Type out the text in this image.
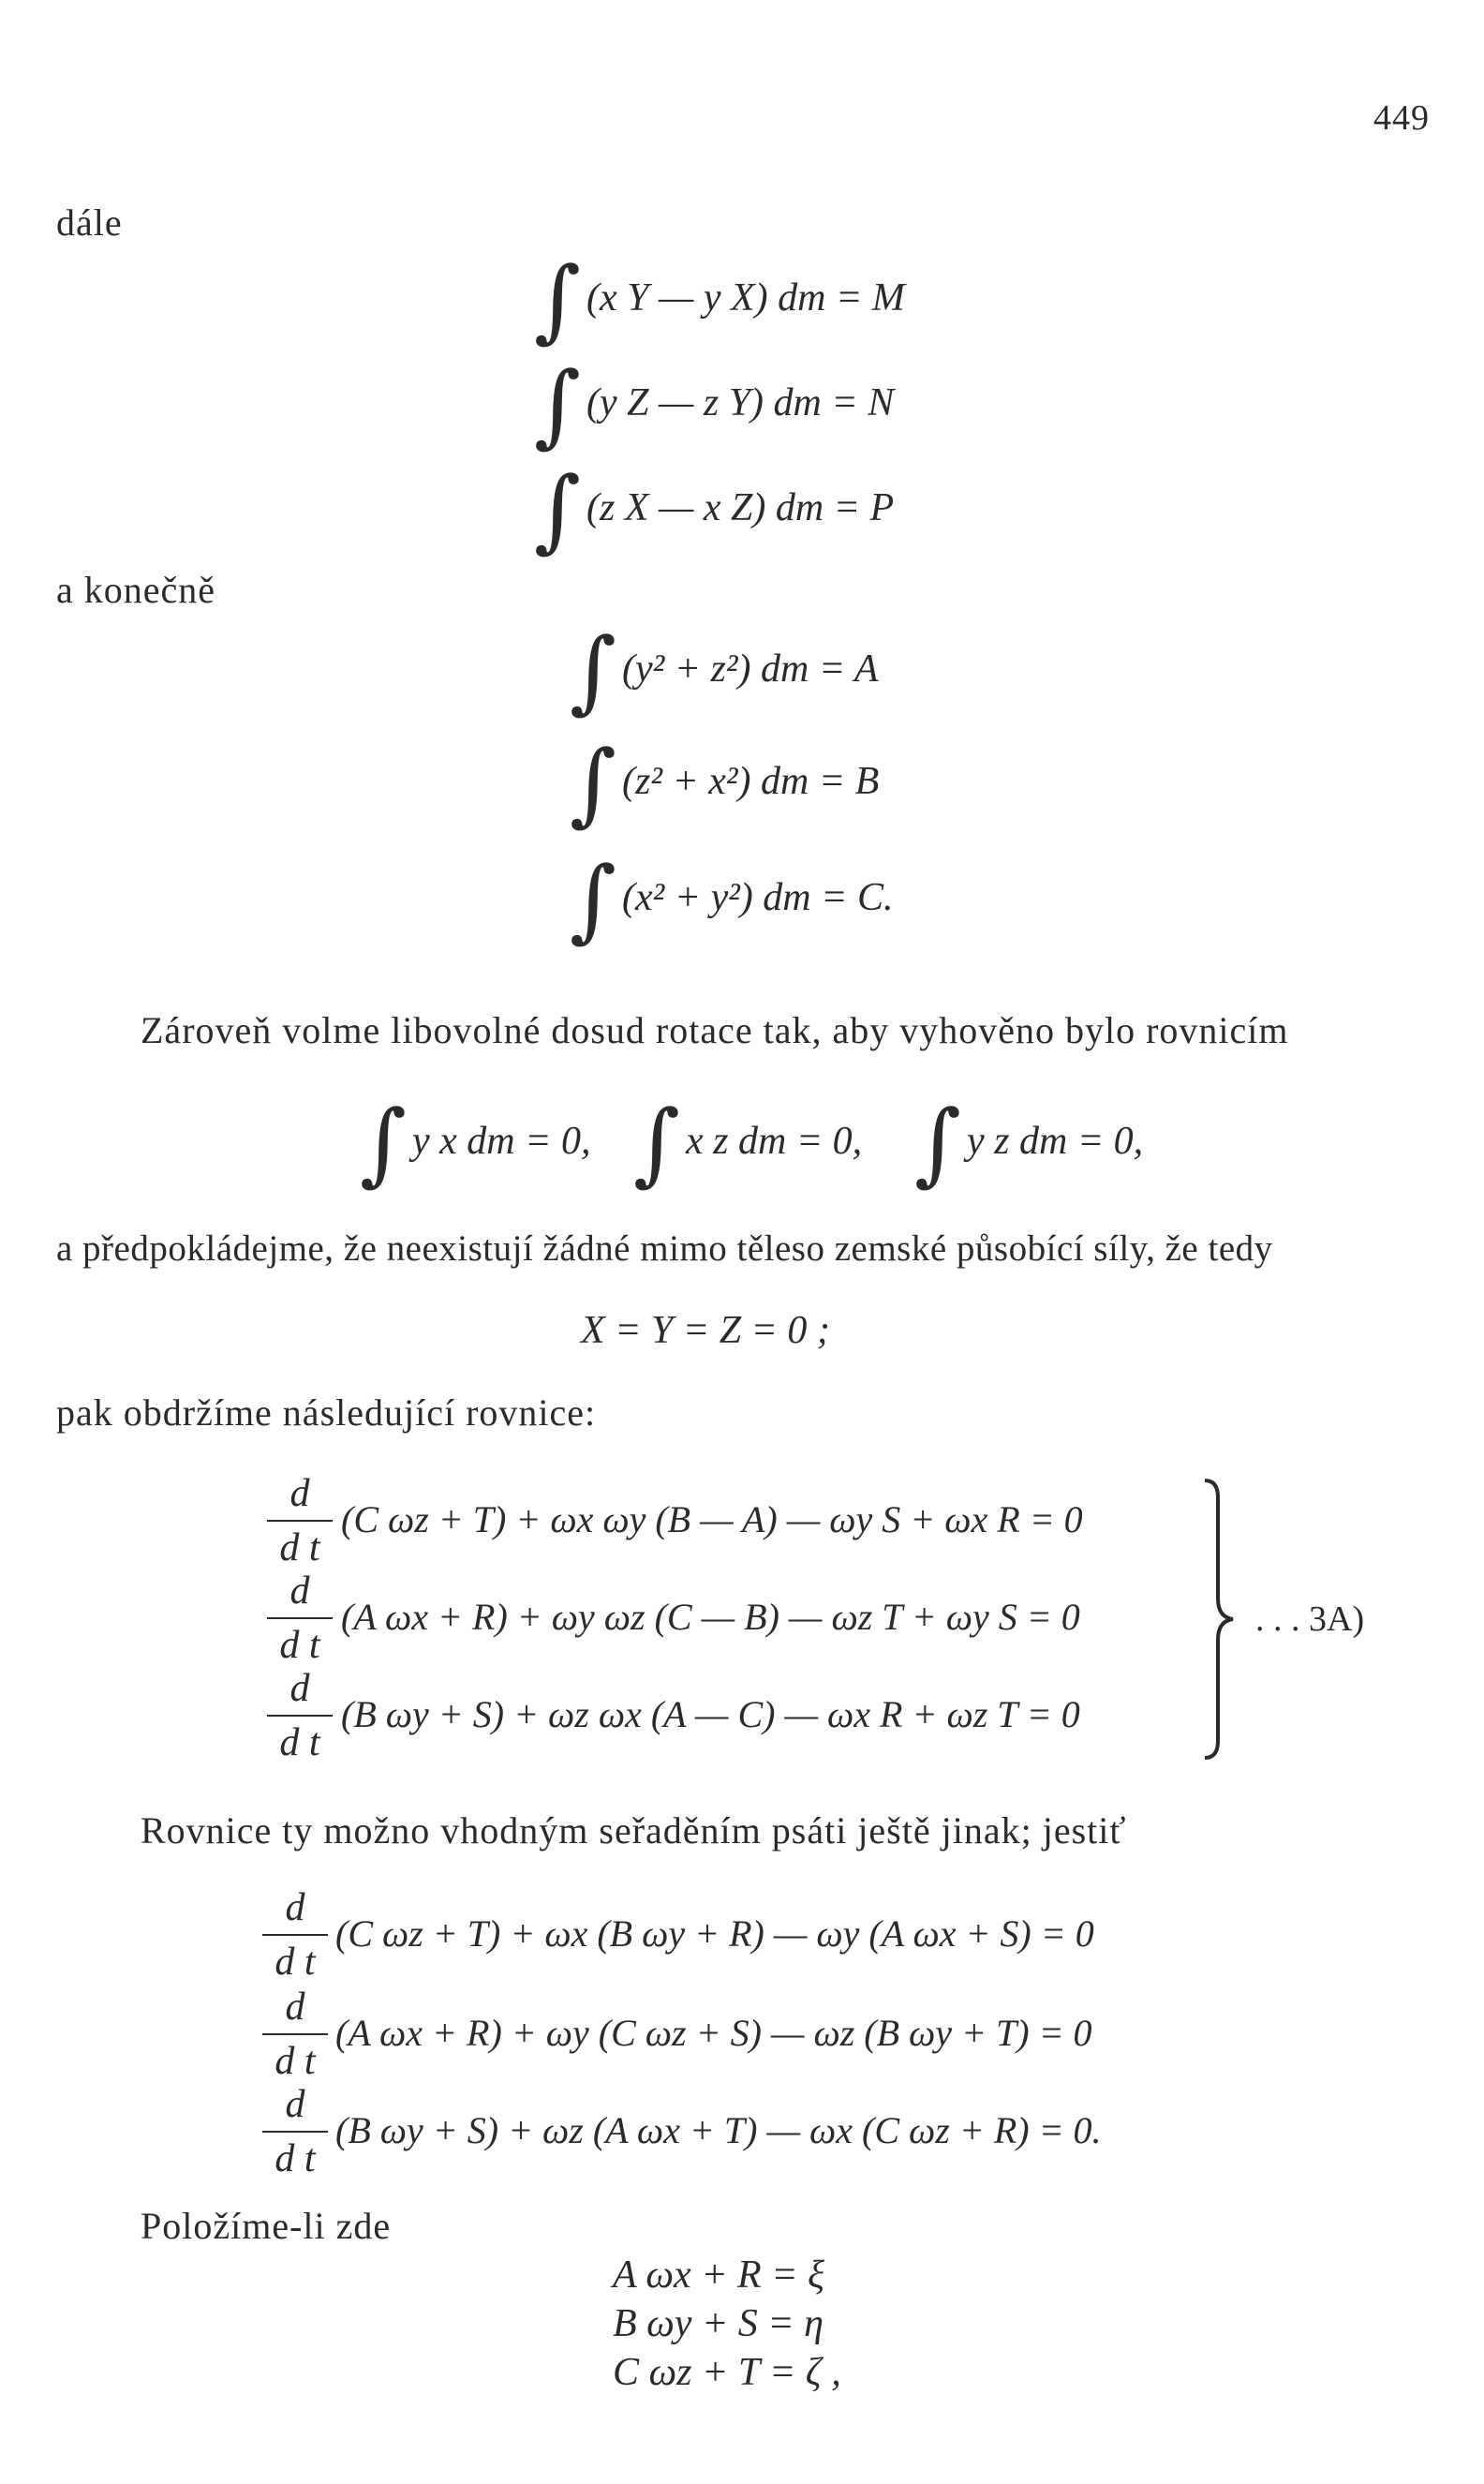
449
dále
∫ (x Y — y X) dm = M
∫ (y Z — z Y) dm = N
∫ (z X — x Z) dm = P
a konečně
∫ (y² + z²) dm = A
∫ (z² + x²) dm = B
∫ (x² + y²) dm = C.
Zároveň volme libovolné dosud rotace tak, aby vyhověno bylo rovnicím
∫ y x dm = 0, ∫ x z dm = 0, ∫ y z dm = 0,
a předpokládejme, že neexistují žádné mimo těleso zemské působící síly, že tedy
X = Y = Z = 0 ;
pak obdržíme následující rovnice:
d
d t
(C ωz + T) + ωx ωy (B — A) — ωy S + ωx R = 0
d
d t
(A ωx + R) + ωy ωz (C — B) — ωz T + ωy S = 0
d
d t
(B ωy + S) + ωz ωx (A — C) — ωx R + ωz T = 0
. . . 3A)
Rovnice ty možno vhodným seřaděním psáti ještě jinak; jestiť
d
d t
(C ωz + T) + ωx (B ωy + R) — ωy (A ωx + S) = 0
d
d t
(A ωx + R) + ωy (C ωz + S) — ωz (B ωy + T) = 0
d
d t
(B ωy + S) + ωz (A ωx + T) — ωx (C ωz + R) = 0.
Položíme-li zde
A ωx + R = ξ
B ωy + S = η
C ωz + T = ζ ,
